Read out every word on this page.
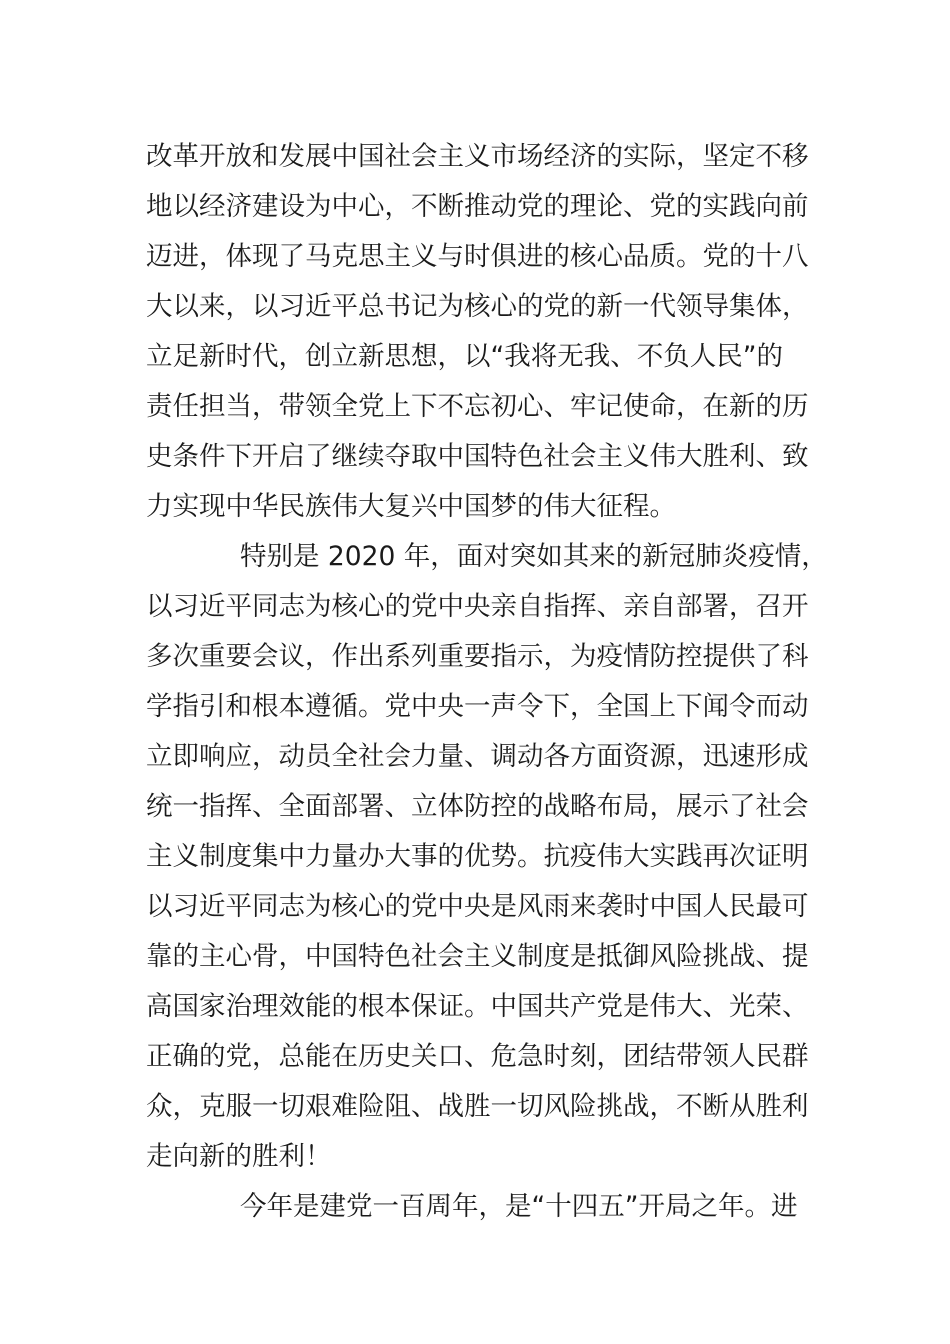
改革开放和发展中国社会主义市场经济的实际，坚定不移
地以经济建设为中心，不断推动党的理论、党的实践向前
迈进，体现了马克思主义与时俱进的核心品质。党的十八
大以来，以习近平总书记为核心的党的新一代领导集体，
立足新时代，创立新思想，以“我将无我、不负人民”的
责任担当，带领全党上下不忘初心、牢记使命，在新的历
史条件下开启了继续夺取中国特色社会主义伟大胜利、致
力实现中华民族伟大复兴中国梦的伟大征程。
特别是 2020 年，面对突如其来的新冠肺炎疫情，
以习近平同志为核心的党中央亲自指挥、亲自部署，召开
多次重要会议，作出系列重要指示，为疫情防控提供了科
学指引和根本遵循。党中央一声令下，全国上下闻令而动
立即响应，动员全社会力量、调动各方面资源，迅速形成
统一指挥、全面部署、立体防控的战略布局，展示了社会
主义制度集中力量办大事的优势。抗疫伟大实践再次证明
以习近平同志为核心的党中央是风雨来袭时中国人民最可
靠的主心骨，中国特色社会主义制度是抵御风险挑战、提
高国家治理效能的根本保证。中国共产党是伟大、光荣、
正确的党，总能在历史关口、危急时刻，团结带领人民群
众，克服一切艰难险阻、战胜一切风险挑战，不断从胜利
走向新的胜利！
今年是建党一百周年，是“十四五”开局之年。进
